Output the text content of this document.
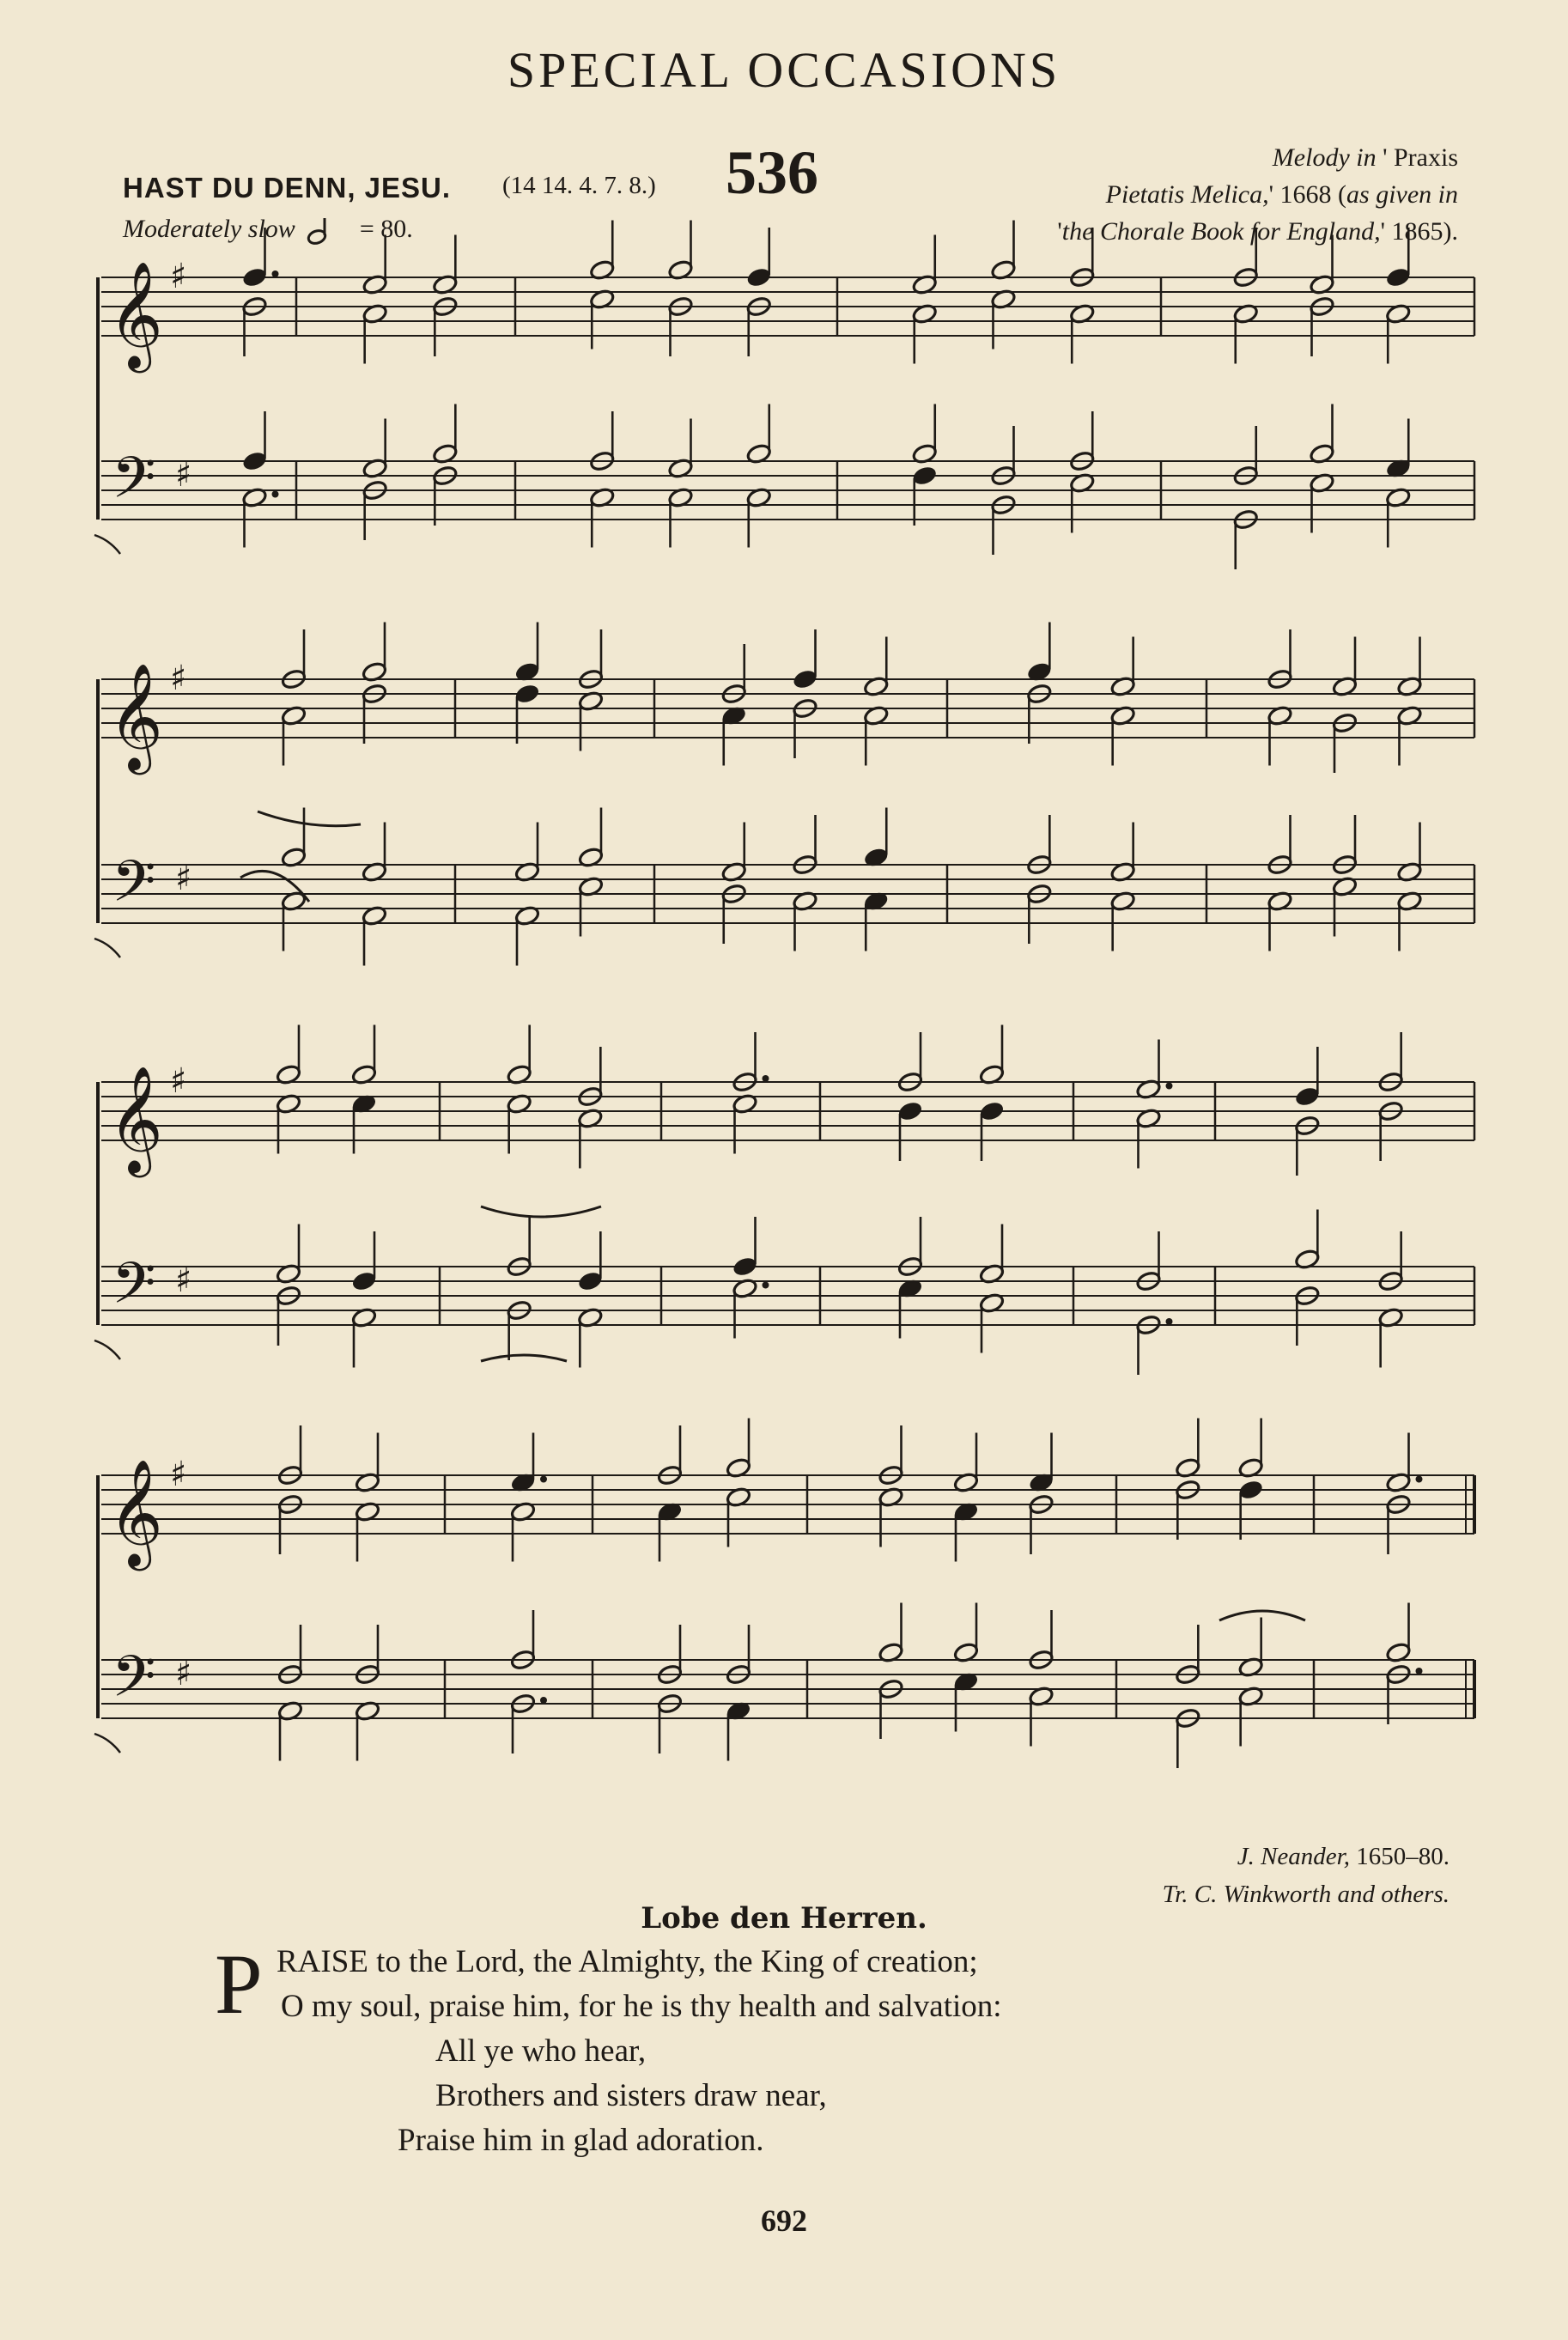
SPECIAL OCCASIONS
HAST DU DENN, JESU. (14 14. 4. 7. 8.) 536
Moderately slow	= 80.
Melody in ' Praxis
Pietatis Melica,' 1668 (as given in
'the Chorale Book for England,' 1865).
𝄞
𝄢
♯
♯
𝄞
𝄢
♯
♯
𝄞
𝄢
♯
♯
𝄞
𝄢
♯
♯
J. Neander, 1650–80.
Tr. C. Winkworth and others.
Lobe den Herren.
P RAISE to the Lord, the Almighty, the King of creation;
O my soul, praise him, for he is thy health and salvation:
All ye who hear,
Brothers and sisters draw near,
Praise him in glad adoration.
692
